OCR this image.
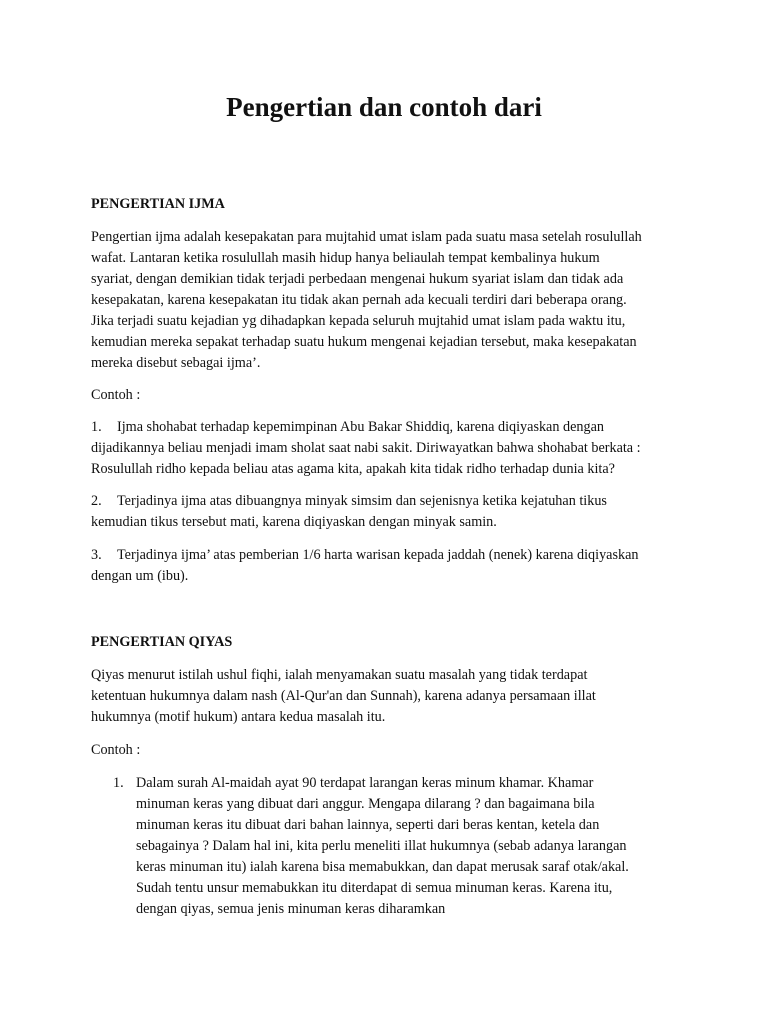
Pengertian dan contoh dari
PENGERTIAN IJMA
Pengertian ijma adalah kesepakatan para mujtahid umat islam pada suatu masa setelah rosulullah
wafat. Lantaran ketika rosulullah masih hidup hanya beliaulah tempat kembalinya hukum
syariat, dengan demikian tidak terjadi perbedaan mengenai hukum syariat islam dan tidak ada
kesepakatan, karena kesepakatan itu tidak akan pernah ada kecuali terdiri dari beberapa orang.
Jika terjadi suatu kejadian yg dihadapkan kepada seluruh mujtahid umat islam pada waktu itu,
kemudian mereka sepakat terhadap suatu hukum mengenai kejadian tersebut, maka kesepakatan
mereka disebut sebagai ijma’.
Contoh :
1. Ijma shohabat terhadap kepemimpinan Abu Bakar Shiddiq, karena diqiyaskan dengan
dijadikannya beliau menjadi imam sholat saat nabi sakit. Diriwayatkan bahwa shohabat berkata :
Rosulullah ridho kepada beliau atas agama kita, apakah kita tidak ridho terhadap dunia kita?
2. Terjadinya ijma atas dibuangnya minyak simsim dan sejenisnya ketika kejatuhan tikus
kemudian tikus tersebut mati, karena diqiyaskan dengan minyak samin.
3. Terjadinya ijma’ atas pemberian 1/6 harta warisan kepada jaddah (nenek) karena diqiyaskan
dengan um (ibu).
PENGERTIAN QIYAS
Qiyas menurut istilah ushul fiqhi, ialah menyamakan suatu masalah yang tidak terdapat
ketentuan hukumnya dalam nash (Al-Qur'an dan Sunnah), karena adanya persamaan illat
hukumnya (motif hukum) antara kedua masalah itu.
Contoh :
1. Dalam surah Al-maidah ayat 90 terdapat larangan keras minum khamar. Khamar
minuman keras yang dibuat dari anggur. Mengapa dilarang ? dan bagaimana bila
minuman keras itu dibuat dari bahan lainnya, seperti dari beras kentan, ketela dan
sebagainya ? Dalam hal ini, kita perlu meneliti illat hukumnya (sebab adanya larangan
keras minuman itu) ialah karena bisa memabukkan, dan dapat merusak saraf otak/akal.
Sudah tentu unsur memabukkan itu diterdapat di semua minuman keras. Karena itu,
dengan qiyas, semua jenis minuman keras diharamkan
